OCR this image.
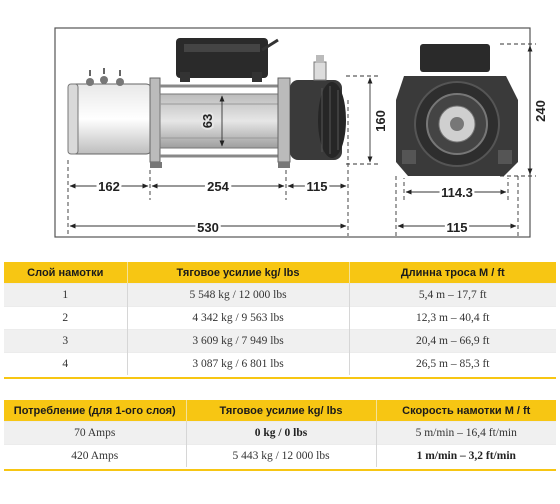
162	254	115
530
63	160	240
114.3
115
Слой намотки	Тяговое усилие kg/ lbs	Длинна троса М / ft
1	5 548 kg / 12 000 lbs	5,4 m – 17,7 ft
2	4 342 kg / 9 563 lbs	12,3 m – 40,4 ft
3	3 609 kg / 7 949 lbs	20,4 m – 66,9 ft
4	3 087 kg / 6 801 lbs	26,5 m – 85,3 ft
Потребление (для 1-ого слоя)	Тяговое усилие kg/ lbs	Скорость намотки М / ft
70 Amps	0 kg / 0 lbs	5 m/min – 16,4 ft/min
420 Amps	5 443 kg / 12 000 lbs	1 m/min – 3,2 ft/min
